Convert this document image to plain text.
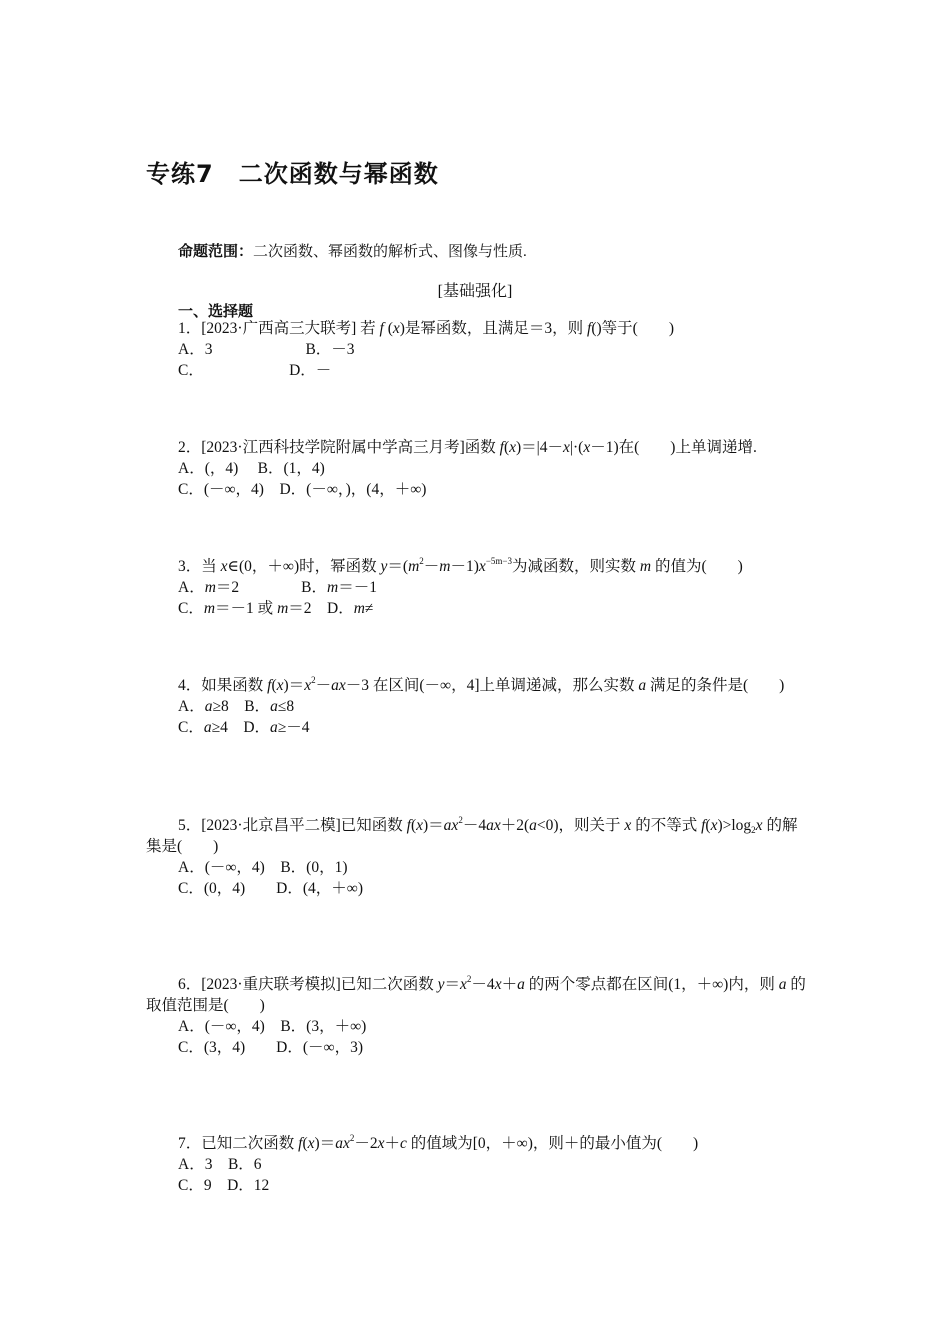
专练7　二次函数与幂函数
命题范围：二次函数、幂函数的解析式、图像与性质.
[基础强化]
一、选择题
1．[2023·广西高三大联考] 若 f (x)是幂函数，且满足＝3，则 f()等于(　　)
A．3　　　　　　B．－3
C．　　　　　　D．－
2．[2023·江西科技学院附属中学高三月考]函数 f(x)＝|4－x|·(x－1)在(　　)上单调递增.
A．(，4)　 B．(1，4)
C．(－∞，4)　D．(－∞，)，(4，＋∞)
3．当 x∈(0，＋∞)时，幂函数 $y=(m^2-m-1)x^{-5m-3}$为减函数，则实数 m 的值为(　　)
A．m＝2　　　　B．m＝－1
C．m＝－1 或 m＝2　D．m≠
4．如果函数 $f(x)=x^2-ax-3$ 在区间(－∞，4]上单调递减，那么实数 a 满足的条件是(　　)
A．a≥8　B．a≤8
C．a≥4　D．a≥－4
5．[2023·北京昌平二模]已知函数 $f(x)=ax^2-4ax+2(a<0)$，则关于 x 的不等式 $f(x)>\log_2x$ 的解集是(　　)
A．(－∞，4)　B．(0，1)
C．(0，4)　　D．(4，＋∞)
6．[2023·重庆联考模拟]已知二次函数 $y=x^2-4x+a$ 的两个零点都在区间(1，＋∞)内，则 a 的取值范围是(　　)
A．(－∞，4)　B．(3，＋∞)
C．(3，4)　　D．(－∞，3)
7．已知二次函数 $f(x)=ax^2-2x+c$ 的值域为[0，＋∞)，则＋的最小值为(　　)
A．3　B．6
C．9　D．12
